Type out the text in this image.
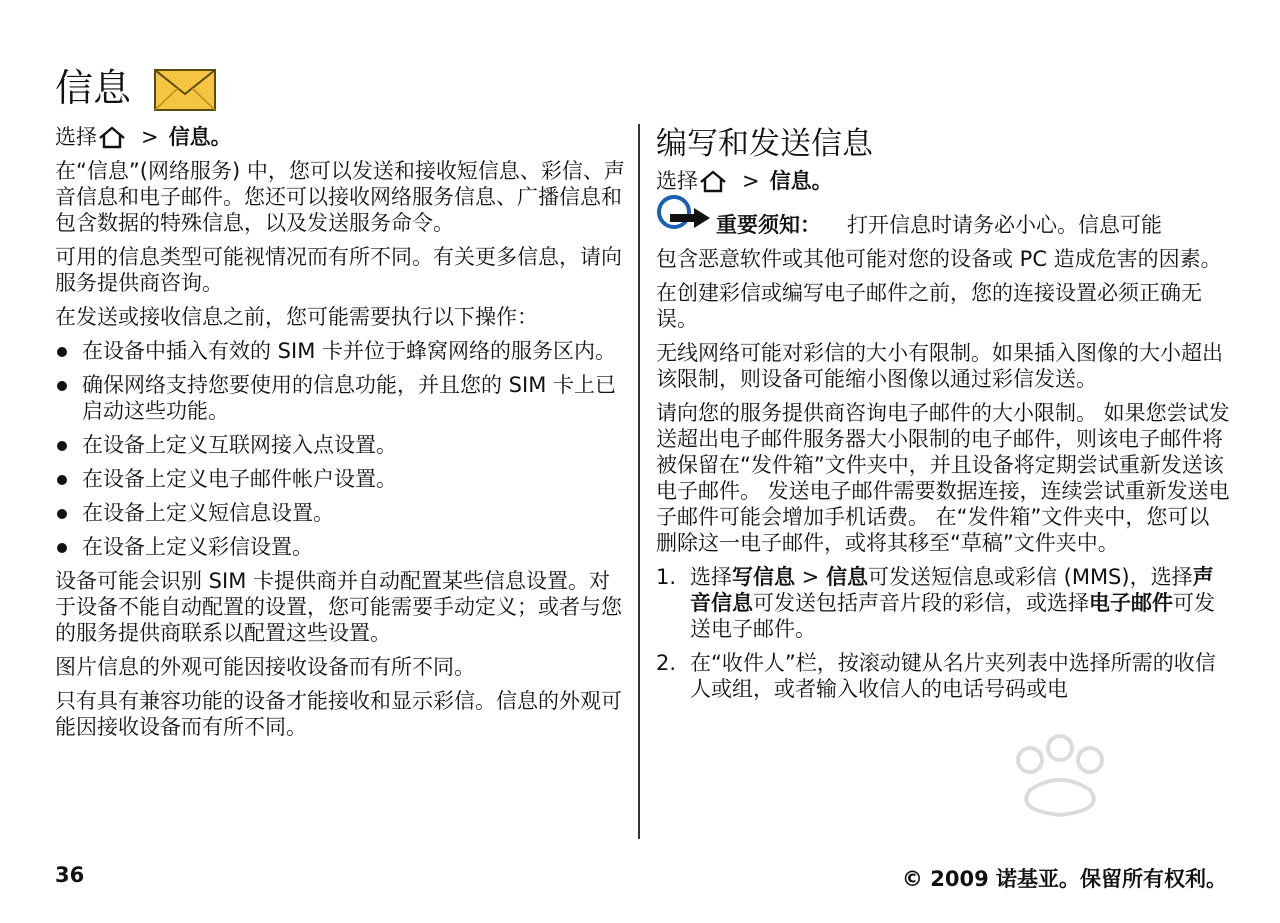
信息
选择 > 信息。

在“信息”(网络服务) 中，您可以发送和接收短信息、彩信、声音信息和电子邮件。您还可以接收网络服务信息、广播信息和包含数据的特殊信息，以及发送服务命令。

可用的信息类型可能视情况而有所不同。有关更多信息，请向服务提供商咨询。

在发送或接收信息之前，您可能需要执行以下操作：

在设备中插入有效的 SIM 卡并位于蜂窝网络的服务区内。
确保网络支持您要使用的信息功能，并且您的 SIM 卡上已启动这些功能。
在设备上定义互联网接入点设置。
在设备上定义电子邮件帐户设置。
在设备上定义短信息设置。
在设备上定义彩信设置。

设备可能会识别 SIM 卡提供商并自动配置某些信息设置。对于设备不能自动配置的设置，您可能需要手动定义；或者与您的服务提供商联系以配置这些设置。

图片信息的外观可能因接收设备而有所不同。

只有具有兼容功能的设备才能接收和显示彩信。信息的外观可能因接收设备而有所不同。

编写和发送信息
选择 > 信息。

重要须知： 打开信息时请务必小心。信息可能

包含恶意软件或其他可能对您的设备或 PC 造成危害的因素。

在创建彩信或编写电子邮件之前，您的连接设置必须正确无误。

无线网络可能对彩信的大小有限制。如果插入图像的大小超出该限制，则设备可能缩小图像以通过彩信发送。

请向您的服务提供商咨询电子邮件的大小限制。 如果您尝试发送超出电子邮件服务器大小限制的电子邮件，则该电子邮件将被保留在“发件箱”文件夹中，并且设备将定期尝试重新发送该电子邮件。 发送电子邮件需要数据连接，连续尝试重新发送电子邮件可能会增加手机话费。 在“发件箱”文件夹中，您可以删除这一电子邮件，或将其移至“草稿”文件夹中。

1. 选择写信息 > 信息可发送短信息或彩信 (MMS)，选择声音信息可发送包括声音片段的彩信，或选择电子邮件可发送电子邮件。
2. 在“收件人”栏，按滚动键从名片夹列表中选择所需的收信人或组，或者输入收信人的电话号码或电
36	© 2009 诺基亚。保留所有权利。
